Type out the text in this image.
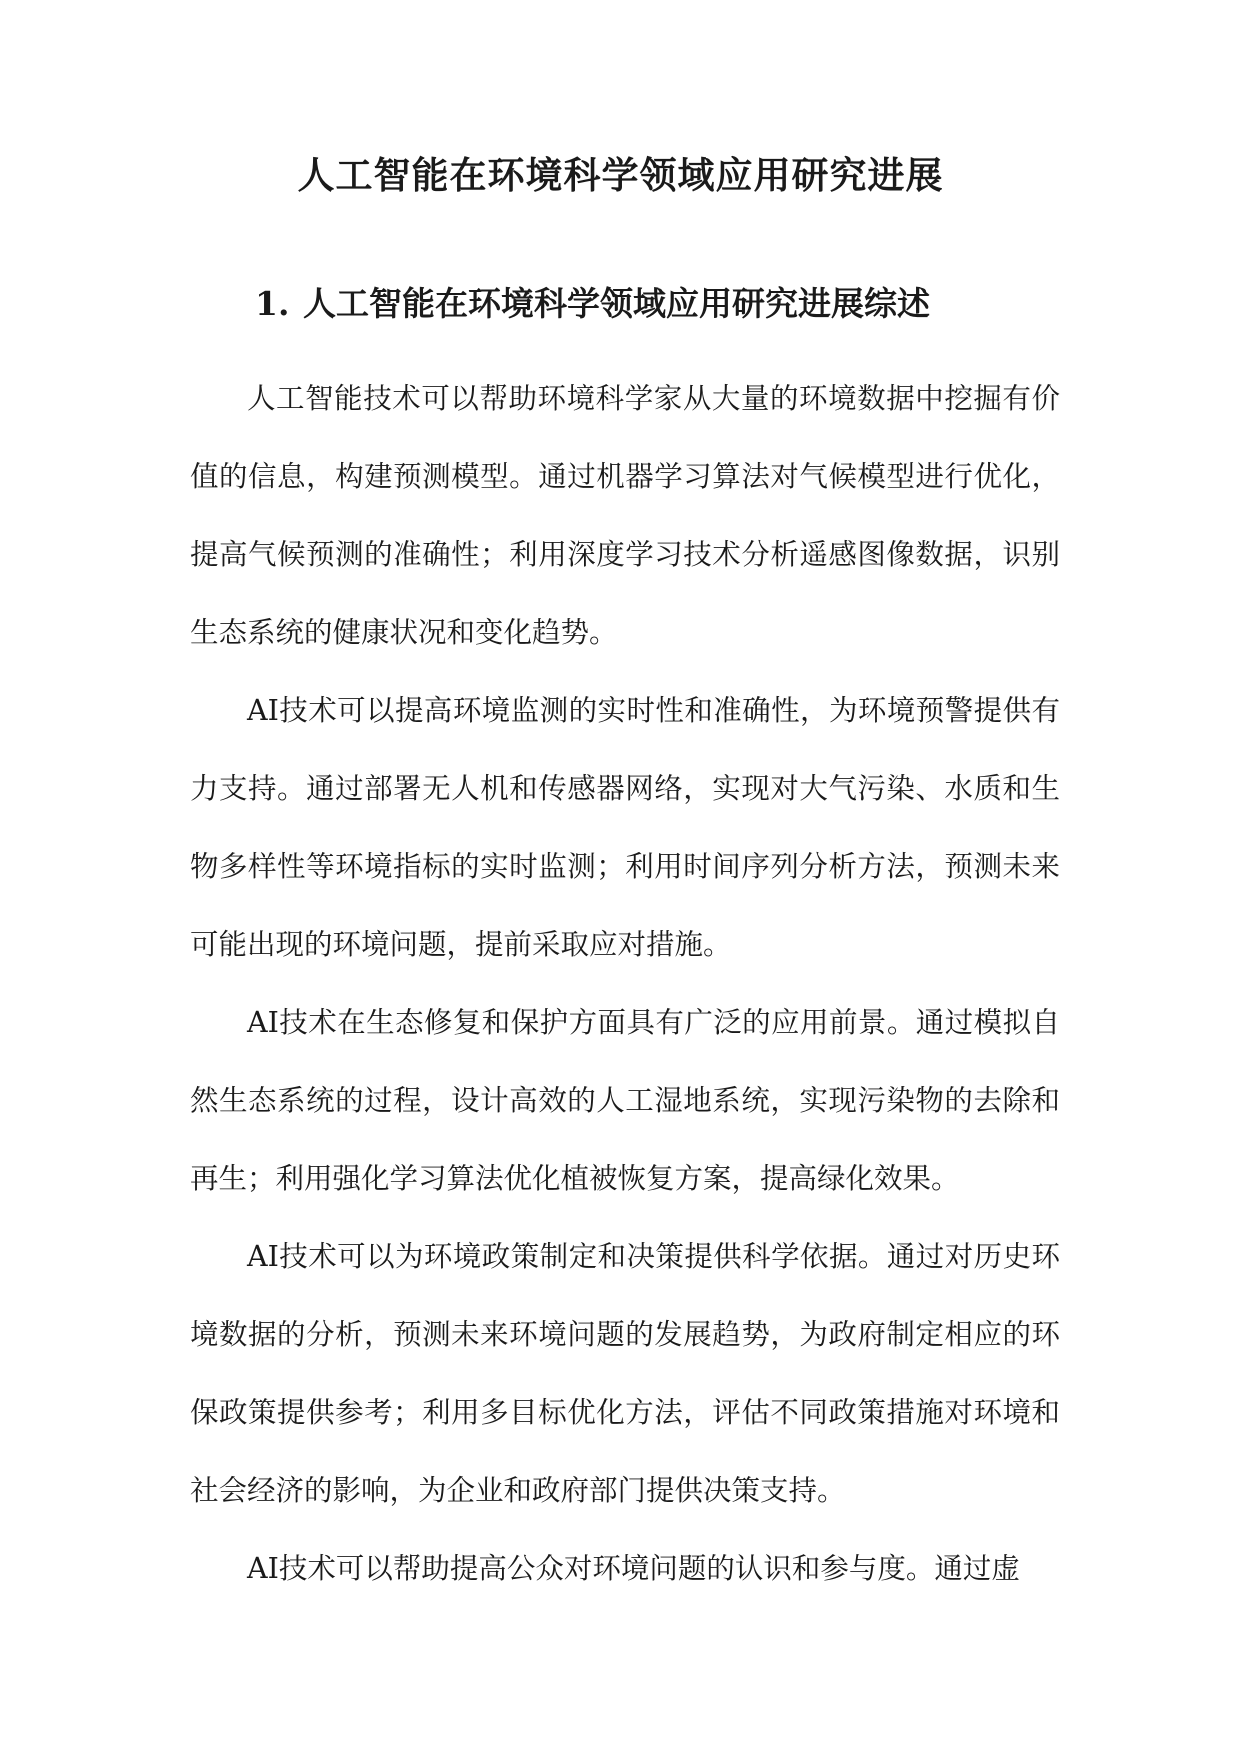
人工智能在环境科学领域应用研究进展
1. 人工智能在环境科学领域应用研究进展综述

人工智能技术可以帮助环境科学家从大量的环境数据中挖掘有价值的信息，构建预测模型。通过机器学习算法对气候模型进行优化，提高气候预测的准确性；利用深度学习技术分析遥感图像数据，识别生态系统的健康状况和变化趋势。

AI技术可以提高环境监测的实时性和准确性，为环境预警提供有力支持。通过部署无人机和传感器网络，实现对大气污染、水质和生物多样性等环境指标的实时监测；利用时间序列分析方法，预测未来可能出现的环境问题，提前采取应对措施。

AI技术在生态修复和保护方面具有广泛的应用前景。通过模拟自然生态系统的过程，设计高效的人工湿地系统，实现污染物的去除和再生；利用强化学习算法优化植被恢复方案，提高绿化效果。

AI技术可以为环境政策制定和决策提供科学依据。通过对历史环境数据的分析，预测未来环境问题的发展趋势，为政府制定相应的环保政策提供参考；利用多目标优化方法，评估不同政策措施对环境和社会经济的影响，为企业和政府部门提供决策支持。

AI技术可以帮助提高公众对环境问题的认识和参与度。通过虚
